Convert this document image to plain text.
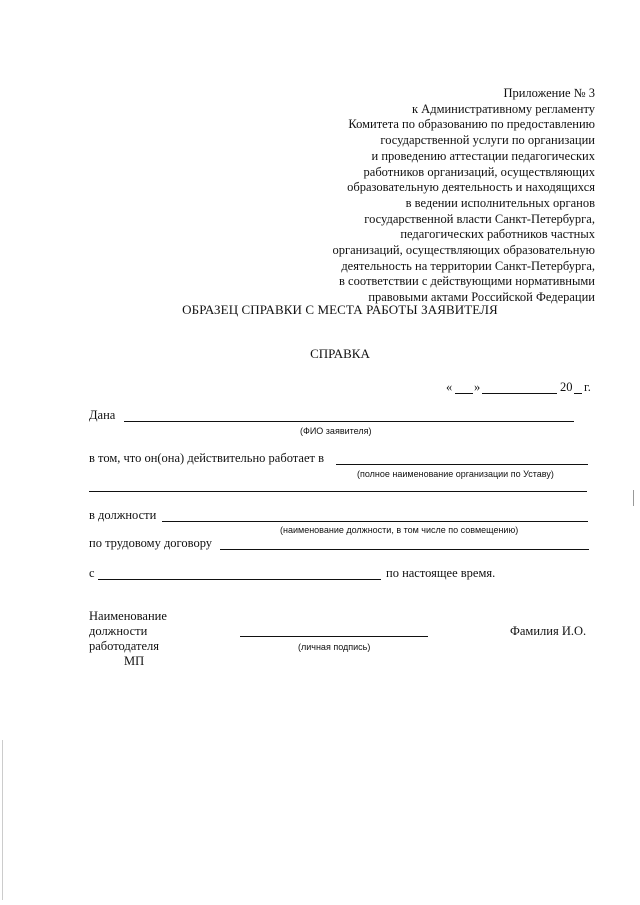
Приложение № 3
к Административному регламенту
Комитета по образованию по предоставлению
государственной услуги по организации
и проведению аттестации педагогических
работников организаций, осуществляющих
образовательную деятельность и находящихся
в ведении исполнительных органов
государственной власти Санкт-Петербурга,
педагогических работников частных
организаций, осуществляющих образовательную
деятельность на территории Санкт-Петербурга,
в соответствии с действующими нормативными
правовыми актами Российской Федерации
ОБРАЗЕЦ СПРАВКИ С МЕСТА РАБОТЫ ЗАЯВИТЕЛЯ
СПРАВКА
« »	20 г.
Дана
(ФИО заявителя)
в том, что он(она) действительно работает в
(полное наименование организации по Уставу)
в должности
(наименование должности, в том числе по совмещению)
по трудовому договору
с	по настоящее время.
Наименование
должности
работодателя
МП
(личная подпись)
Фамилия И.О.
